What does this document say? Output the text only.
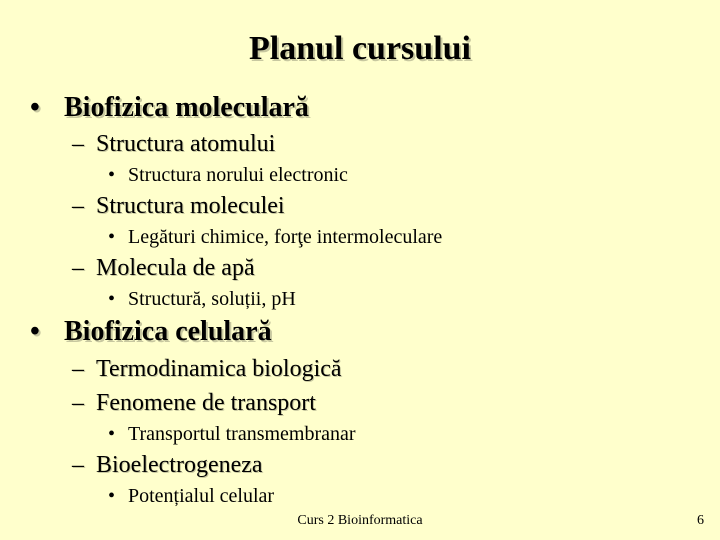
Planul cursului
• Biofizica moleculară
– Structura atomului
• Structura norului electronic
– Structura moleculei
• Legături chimice, forţe intermoleculare
– Molecula de apă
• Structură, soluții, pH
• Biofizica celulară
– Termodinamica biologică
– Fenomene de transport
• Transportul transmembranar
– Bioelectrogeneza
• Potențialul celular
Curs 2 Bioinformatica	6
